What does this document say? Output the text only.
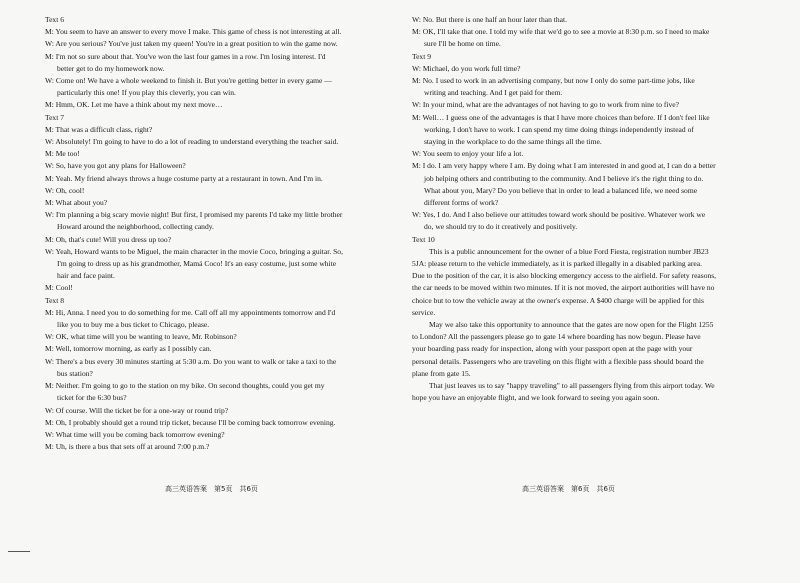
Text 6
M: You seem to have an answer to every move I make. This game of chess is not interesting at all.
W: Are you serious? You've just taken my queen! You're in a great position to win the game now.
M: I'm not so sure about that. You've won the last four games in a row. I'm losing interest. I'd
better get to do my homework now.
W: Come on! We have a whole weekend to finish it. But you're getting better in every game —
particularly this one! If you play this cleverly, you can win.
M: Hmm, OK. Let me have a think about my next move…
Text 7
M: That was a difficult class, right?
W: Absolutely! I'm going to have to do a lot of reading to understand everything the teacher said.
M: Me too!
W: So, have you got any plans for Halloween?
M: Yeah. My friend always throws a huge costume party at a restaurant in town. And I'm in.
W: Oh, cool!
M: What about you?
W: I'm planning a big scary movie night! But first, I promised my parents I'd take my little brother
Howard around the neighborhood, collecting candy.
M: Oh, that's cute! Will you dress up too?
W: Yeah, Howard wants to be Miguel, the main character in the movie Coco, bringing a guitar. So,
I'm going to dress up as his grandmother, Mamá Coco! It's an easy costume, just some white
hair and face paint.
M: Cool!
Text 8
M: Hi, Anna. I need you to do something for me. Call off all my appointments tomorrow and I'd
like you to buy me a bus ticket to Chicago, please.
W: OK, what time will you be wanting to leave, Mr. Robinson?
M: Well, tomorrow morning, as early as I possibly can.
W: There's a bus every 30 minutes starting at 5:30 a.m. Do you want to walk or take a taxi to the
bus station?
M: Neither. I'm going to go to the station on my bike. On second thoughts, could you get my
ticket for the 6:30 bus?
W: Of course. Will the ticket be for a one-way or round trip?
M: Oh, I probably should get a round trip ticket, because I'll be coming back tomorrow evening.
W: What time will you be coming back tomorrow evening?
M: Uh, is there a bus that sets off at around 7:00 p.m.?
W: No. But there is one half an hour later than that.
M: OK, I'll take that one. I told my wife that we'd go to see a movie at 8:30 p.m. so I need to make
sure I'll be home on time.
Text 9
W: Michael, do you work full time?
M: No. I used to work in an advertising company, but now I only do some part-time jobs, like
writing and teaching. And I get paid for them.
W: In your mind, what are the advantages of not having to go to work from nine to five?
M: Well… I guess one of the advantages is that I have more choices than before. If I don't feel like
working, I don't have to work. I can spend my time doing things independently instead of
staying in the workplace to do the same things all the time.
W: You seem to enjoy your life a lot.
M: I do. I am very happy where I am. By doing what I am interested in and good at, I can do a better
job helping others and contributing to the community. And I believe it's the right thing to do.
What about you, Mary? Do you believe that in order to lead a balanced life, we need some
different forms of work?
W: Yes, I do. And I also believe our attitudes toward work should be positive. Whatever work we
do, we should try to do it creatively and positively.
Text 10
This is a public announcement for the owner of a blue Ford Fiesta, registration number JB23
5JA: please return to the vehicle immediately, as it is parked illegally in a disabled parking area.
Due to the position of the car, it is also blocking emergency access to the airfield. For safety reasons,
the car needs to be moved within two minutes. If it is not moved, the airport authorities will have no
choice but to tow the vehicle away at the owner's expense. A $400 charge will be applied for this
service.
May we also take this opportunity to announce that the gates are now open for the Flight 1255
to London? All the passengers please go to gate 14 where boarding has now begun. Please have
your boarding pass ready for inspection, along with your passport open at the page with your
personal details. Passengers who are traveling on this flight with a flexible pass should board the
plane from gate 15.
That just leaves us to say "happy traveling" to all passengers flying from this airport today. We
hope you have an enjoyable flight, and we look forward to seeing you again soon.
高三英语答案　第5页　共6页	高三英语答案　第6页　共6页
